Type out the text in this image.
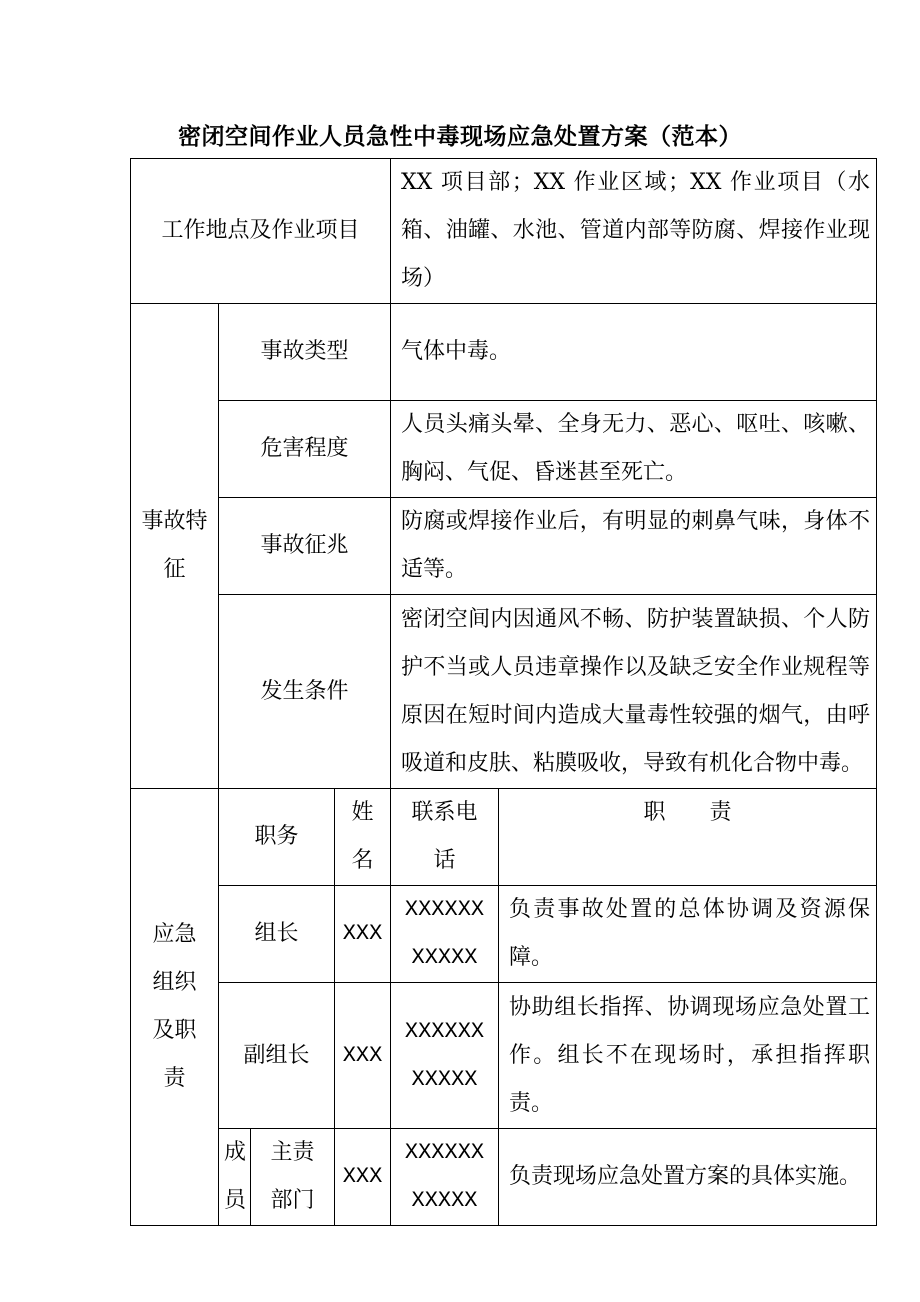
密闭空间作业人员急性中毒现场应急处置方案（范本）
工作地点及作业项目				XX 项目部；XX 作业区域；XX 作业项目（水箱、油罐、水池、管道内部等防腐、焊接作业现场）	

事故特征	事故类型			气体中毒。	

	危害程度			人员头痛头晕、全身无力、恶心、呕吐、咳嗽、胸闷、气促、昏迷甚至死亡。	

	事故征兆			防腐或焊接作业后，有明显的刺鼻气味，身体不适等。	

	发生条件			密闭空间内因通风不畅、防护装置缺损、个人防护不当或人员违章操作以及缺乏安全作业规程等原因在短时间内造成大量毒性较强的烟气，由呼吸道和皮肤、粘膜吸收，导致有机化合物中毒。	

应急组织及职责	职务		姓名	联系电话	职　　责

	组长		XXX	XXXXXXXXXXX	负责事故处置的总体协调及资源保障。

	副组长		XXX	XXXXXXXXXXX	协助组长指挥、协调现场应急处置工作。组长不在现场时，承担指挥职责。

	成员	主责部门	XXX	XXXXXXXXXXX	负责现场应急处置方案的具体实施。
